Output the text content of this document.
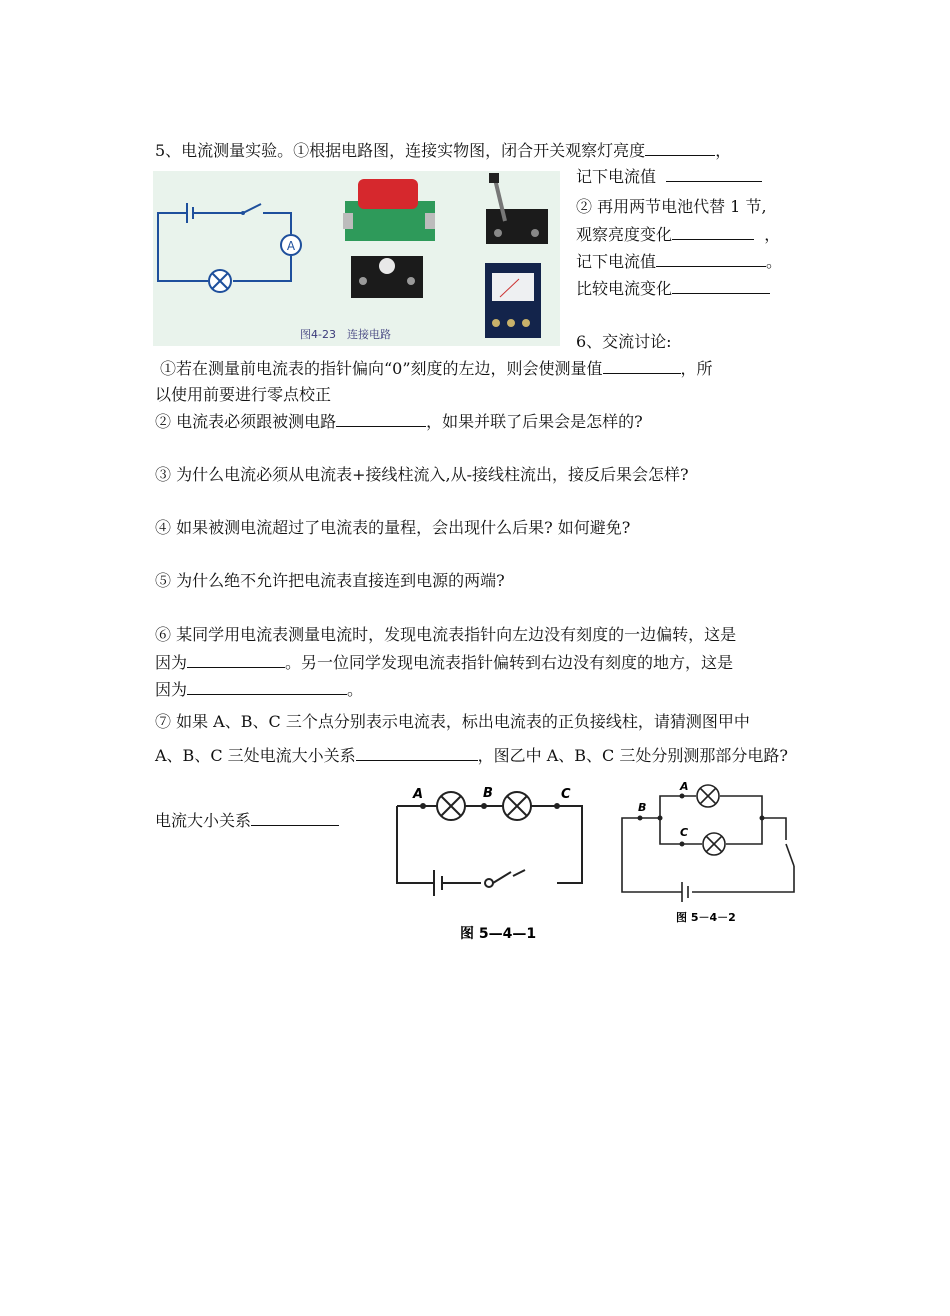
5、电流测量实验。①根据电路图，连接实物图，闭合开关观察灯亮度	，
A
图4-23　连接电路
记下电流值
② 再用两节电池代替 1 节,
观察亮度变化	，
记下电流值	。
比较电流变化
6、交流讨论:
①若在测量前电流表的指针偏向“0”刻度的左边，则会使测量值	，所
以使用前要进行零点校正
② 电流表必须跟被测电路	，如果并联了后果会是怎样的?
③ 为什么电流必须从电流表+接线柱流入,从-接线柱流出，接反后果会怎样?
④ 如果被测电流超过了电流表的量程，会出现什么后果? 如何避免?
⑤ 为什么绝不允许把电流表直接连到电源的两端?
⑥ 某同学用电流表测量电流时，发现电流表指针向左边没有刻度的一边偏转，这是
因为	。另一位同学发现电流表指针偏转到右边没有刻度的地方，这是
因为	。
⑦ 如果 A、B、C 三个点分别表示电流表，标出电流表的正负接线柱，请猜测图甲中
A、B、C 三处电流大小关系	，图乙中 A、B、C 三处分别测那部分电路?
电流大小关系
A	B	C
图 5—4—1
B
A
C
图 5－4－2
